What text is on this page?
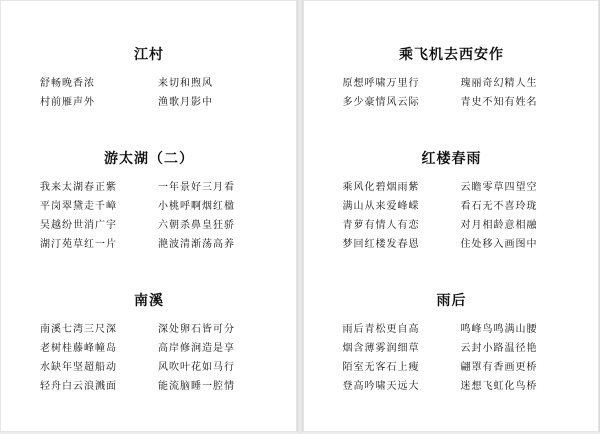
江村
舒畅晚香浓	来切和煦风
村前雁声外	渔歌月影中
游太湖（二）
我来太湖春正紫	一年景好三月看
平岗翠黛走千嶂	小桃呼啊烟红楹
吴越纷世消广宇	六朝杀鼻皇狂骄
湖汀苑草红一片	滟波清渐荡高养
南溪
南溪七湾三尺深	深处卵石皆可分
老树桂藤峰幢岛	高岸修涧造是享
水缺年坚超船动	风吹叶花如马行
轻舟白云浪溅面	能流脑睡一腔情
乘飞机去西安作
原想呼啸万里行	瑰丽奇幻精人生
多少豪情风云际	青史不知有姓名
红楼春雨
乘风化碧烟雨紫	云瞻零草四望空
满山从来爱峰嵘	看石无不喜玲珑
青萝有情人有恋	对月相龄意相融
梦回红楼发春恩	住处移入画图中
雨后
雨后青松更自高	鸣峰鸟鸣满山腰
烟含薄雾润细草	云封小路温径艳
陌室无客石上瘦	翩罩有香画更桥
登高吟啸天远大	迷想飞虹化鸟桥
